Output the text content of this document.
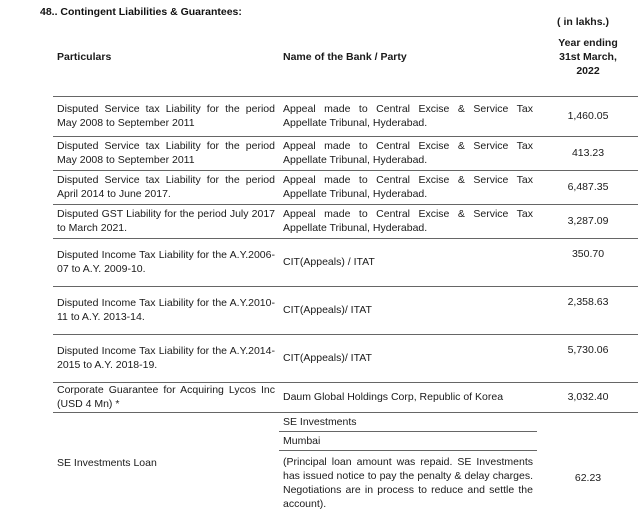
48.. Contingent Liabilities & Guarantees:
		( in lakhs.)
Particulars	Name of the Bank / Party	Year ending
31st March,
2022

Disputed Service tax Liability for the period May 2008 to September 2011	Appeal made to Central Excise & Service Tax Appellate Tribunal, Hyderabad.	1,460.05
Disputed Service tax Liability for the period May 2008 to September 2011	Appeal made to Central Excise & Service Tax Appellate Tribunal, Hyderabad.	413.23
Disputed Service tax Liability for the period April 2014 to June 2017.	Appeal made to Central Excise & Service Tax Appellate Tribunal, Hyderabad.	6,487.35
Disputed GST Liability for the period July 2017 to March 2021.	Appeal made to Central Excise & Service Tax Appellate Tribunal, Hyderabad.	3,287.09
Disputed Income Tax Liability for the A.Y.2006-07 to A.Y. 2009-10.	CIT(Appeals) / ITAT	350.70
Disputed Income Tax Liability for the A.Y.2010-11 to A.Y. 2013-14.	CIT(Appeals)/ ITAT	2,358.63
Disputed Income Tax Liability for the A.Y.2014-2015 to A.Y. 2018-19.	CIT(Appeals)/ ITAT	5,730.06
Corporate Guarantee for Acquiring Lycos Inc (USD 4 Mn) *	Daum Global Holdings Corp, Republic of Korea	3,032.40
SE Investments Loan	SE Investments
Mumbai
(Principal loan amount was repaid. SE Investments has issued notice to pay the penalty & delay charges. Negotiations are in process to reduce and settle the account).	62.23
